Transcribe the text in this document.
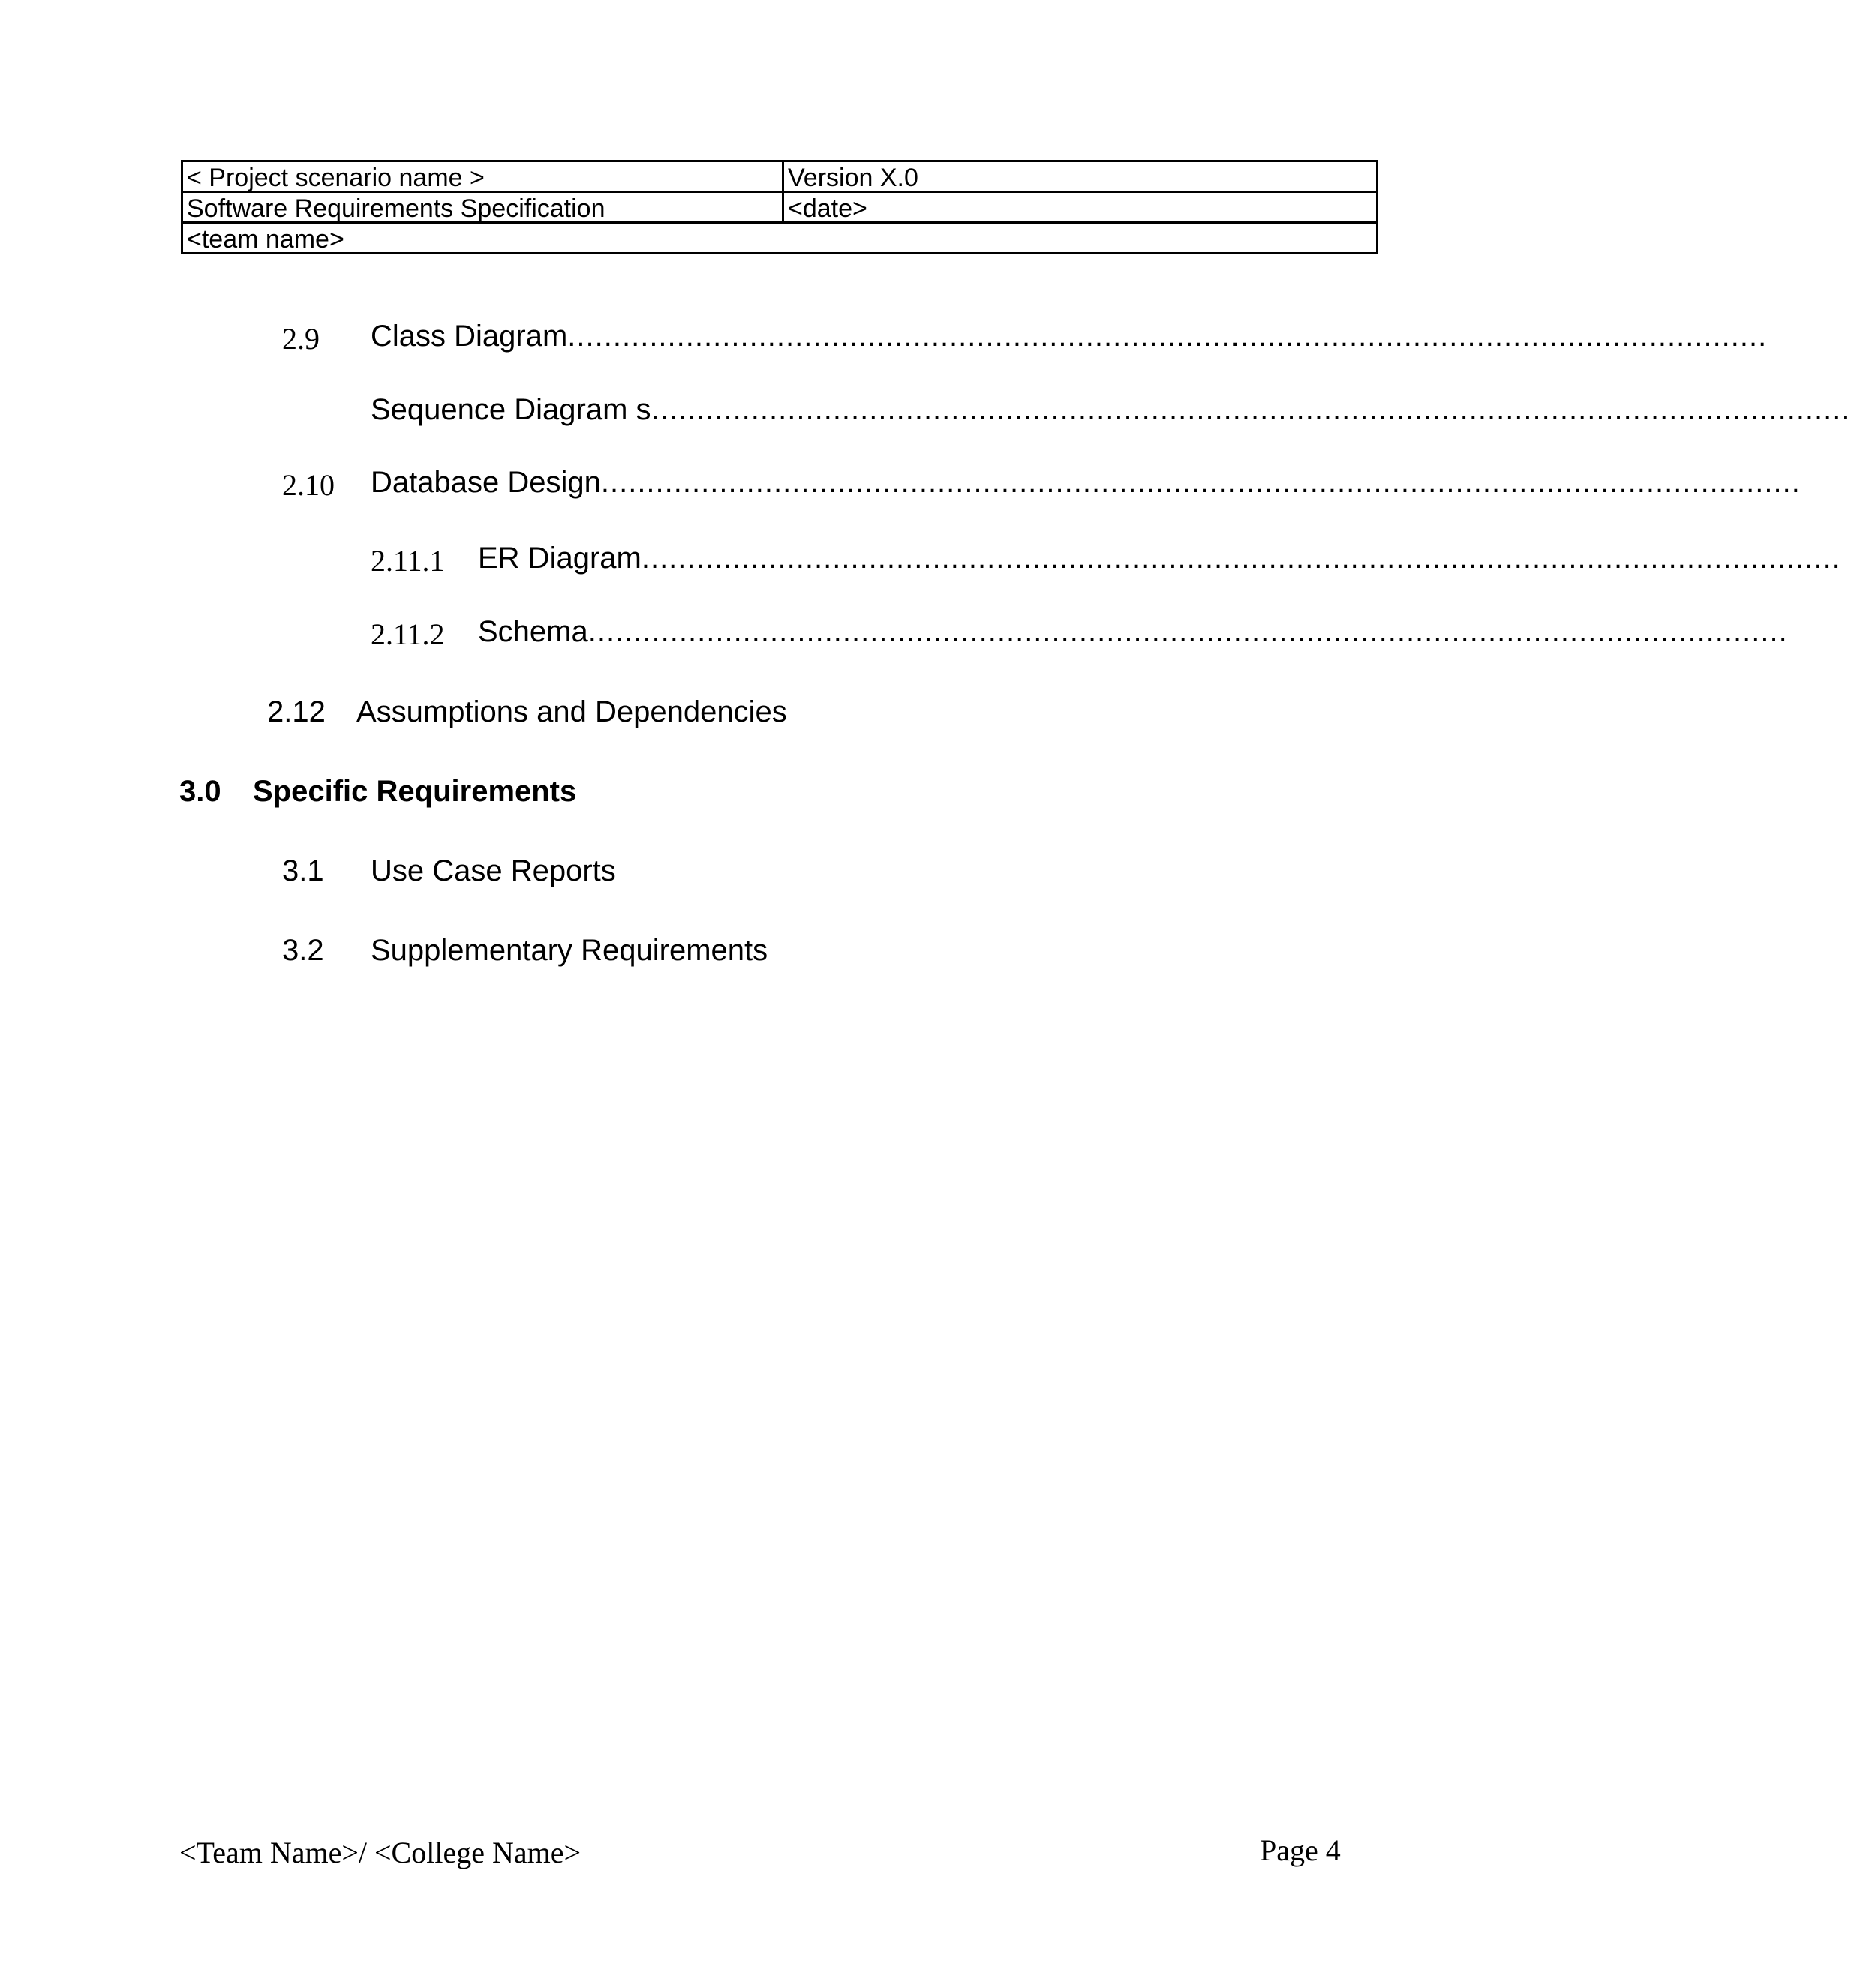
< Project scenario name >	Version X.0
Software Requirements Specification	<date>
<team name>	
2.9 Class Diagram ....................................................................................................................................
Sequence Diagram s ....................................................................................................................................
2.10 Database Design ....................................................................................................................................
2.11.1 ER Diagram ....................................................................................................................................
2.11.2 Schema ....................................................................................................................................
2.12 Assumptions and Dependencies
3.0 Specific Requirements
3.1 Use Case Reports
3.2 Supplementary Requirements
<Team Name>/ <College Name>	Page 4
